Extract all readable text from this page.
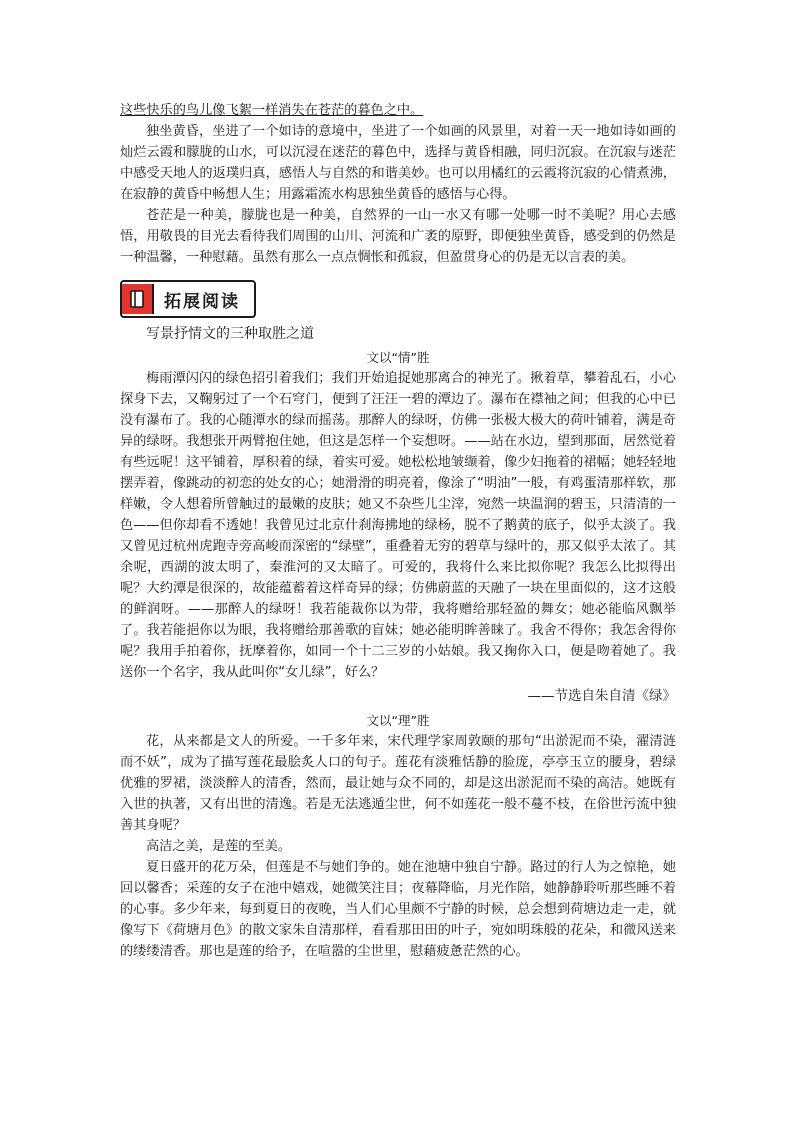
这些快乐的鸟儿像飞絮一样消失在苍茫的暮色之中。

独坐黄昏，坐进了一个如诗的意境中，坐进了一个如画的风景里，对着一天一地如诗如画的灿烂云霞和朦胧的山水，可以沉浸在迷茫的暮色中，选择与黄昏相融，同归沉寂。在沉寂与迷茫中感受天地人的返璞归真，感悟人与自然的和谐美妙。也可以用橘红的云霞将沉寂的心情煮沸，在寂静的黄昏中畅想人生；用露霜流水构思独坐黄昏的感悟与心得。

苍茫是一种美，朦胧也是一种美，自然界的一山一水又有哪一处哪一时不美呢？用心去感悟，用敬畏的目光去看待我们周围的山川、河流和广袤的原野，即便独坐黄昏，感受到的仍然是一种温馨，一种慰藉。虽然有那么一点点惆怅和孤寂，但盈贯身心的仍是无以言表的美。

拓展阅读
写景抒情文的三种取胜之道
文以“情”胜

梅雨潭闪闪的绿色招引着我们；我们开始追捉她那离合的神光了。揪着草，攀着乱石，小心探身下去，又鞠躬过了一个石穹门，便到了汪汪一碧的潭边了。瀑布在襟袖之间；但我的心中已没有瀑布了。我的心随潭水的绿而摇荡。那醉人的绿呀，仿佛一张极大极大的荷叶铺着，满是奇异的绿呀。我想张开两臂抱住她，但这是怎样一个妄想呀。——站在水边，望到那面，居然觉着有些远呢！这平铺着，厚积着的绿，着实可爱。她松松地皱缬着，像少妇拖着的裙幅；她轻轻地摆弄着，像跳动的初恋的处女的心；她滑滑的明亮着，像涂了“明油”一般，有鸡蛋清那样软，那样嫩，令人想着所曾触过的最嫩的皮肤；她又不杂些儿尘滓，宛然一块温润的碧玉，只清清的一色——但你却看不透她！我曾见过北京什刹海拂地的绿杨，脱不了鹅黄的底子，似乎太淡了。我又曾见过杭州虎跑寺旁高峻而深密的“绿壁”，重叠着无穷的碧草与绿叶的，那又似乎太浓了。其余呢，西湖的波太明了，秦淮河的又太暗了。可爱的，我将什么来比拟你呢？我怎么比拟得出呢？大约潭是很深的，故能蕴蓄着这样奇异的绿；仿佛蔚蓝的天融了一块在里面似的，这才这般的鲜润呀。——那醉人的绿呀！我若能裁你以为带，我将赠给那轻盈的舞女；她必能临风飘举了。我若能挹你以为眼，我将赠给那善歌的盲妹；她必能明眸善睐了。我舍不得你；我怎舍得你呢？我用手拍着你，抚摩着你，如同一个十二三岁的小姑娘。我又掬你入口，便是吻着她了。我送你一个名字，我从此叫你“女儿绿”，好么？

——节选自朱自清《绿》
文以“理”胜

花，从来都是文人的所爱。一千多年来，宋代理学家周敦颐的那句“出淤泥而不染，濯清涟而不妖”，成为了描写莲花最脍炙人口的句子。莲花有淡雅恬静的脸庞，亭亭玉立的腰身，碧绿优雅的罗裙，淡淡醉人的清香，然而，最让她与众不同的，却是这出淤泥而不染的高洁。她既有入世的执著，又有出世的清逸。若是无法逃遁尘世，何不如莲花一般不蔓不枝，在俗世污流中独善其身呢？

高洁之美，是莲的至美。

夏日盛开的花万朵，但莲是不与她们争的。她在池塘中独自宁静。路过的行人为之惊艳，她回以馨香；采莲的女子在池中嬉戏，她微笑注目；夜幕降临，月光作陪，她静静聆听那些睡不着的心事。多少年来，每到夏日的夜晚，当人们心里颇不宁静的时候，总会想到荷塘边走一走，就像写下《荷塘月色》的散文家朱自清那样，看看那田田的叶子，宛如明珠般的花朵，和微风送来的缕缕清香。那也是莲的给予，在喧嚣的尘世里，慰藉疲惫茫然的心。
